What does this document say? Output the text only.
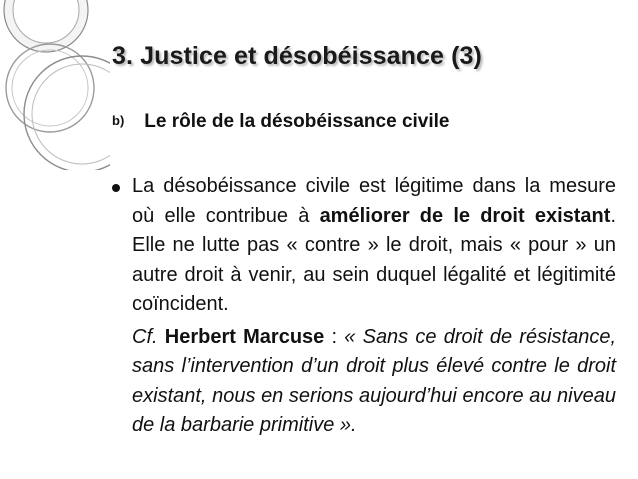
3. Justice et désobéissance (3)
b) Le rôle de la désobéissance civile

La désobéissance civile est légitime dans la mesure où elle contribue à améliorer de le droit existant. Elle ne lutte pas « contre » le droit, mais « pour » un autre droit à venir, au sein duquel légalité et légitimité coïncident.

Cf. Herbert Marcuse : « Sans ce droit de résistance, sans l’intervention d’un droit plus élevé contre le droit existant, nous en serions aujourd’hui encore au niveau de la barbarie primitive ».
